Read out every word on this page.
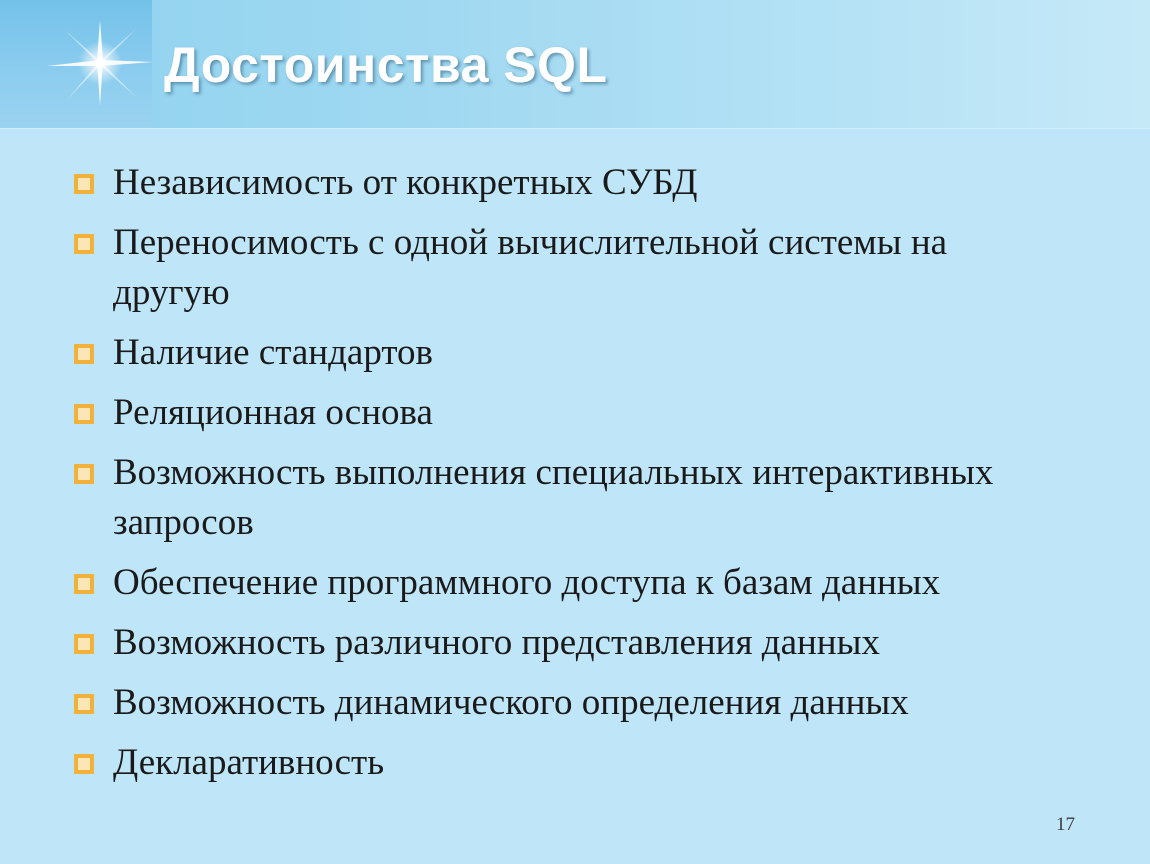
Достоинства SQL
Независимость от конкретных СУБД
Переносимость с одной вычислительной системы на другую
Наличие стандартов
Реляционная основа
Возможность выполнения специальных интерактивных запросов
Обеспечение программного доступа к базам данных
Возможность различного представления данных
Возможность динамического определения данных
Декларативность
17
